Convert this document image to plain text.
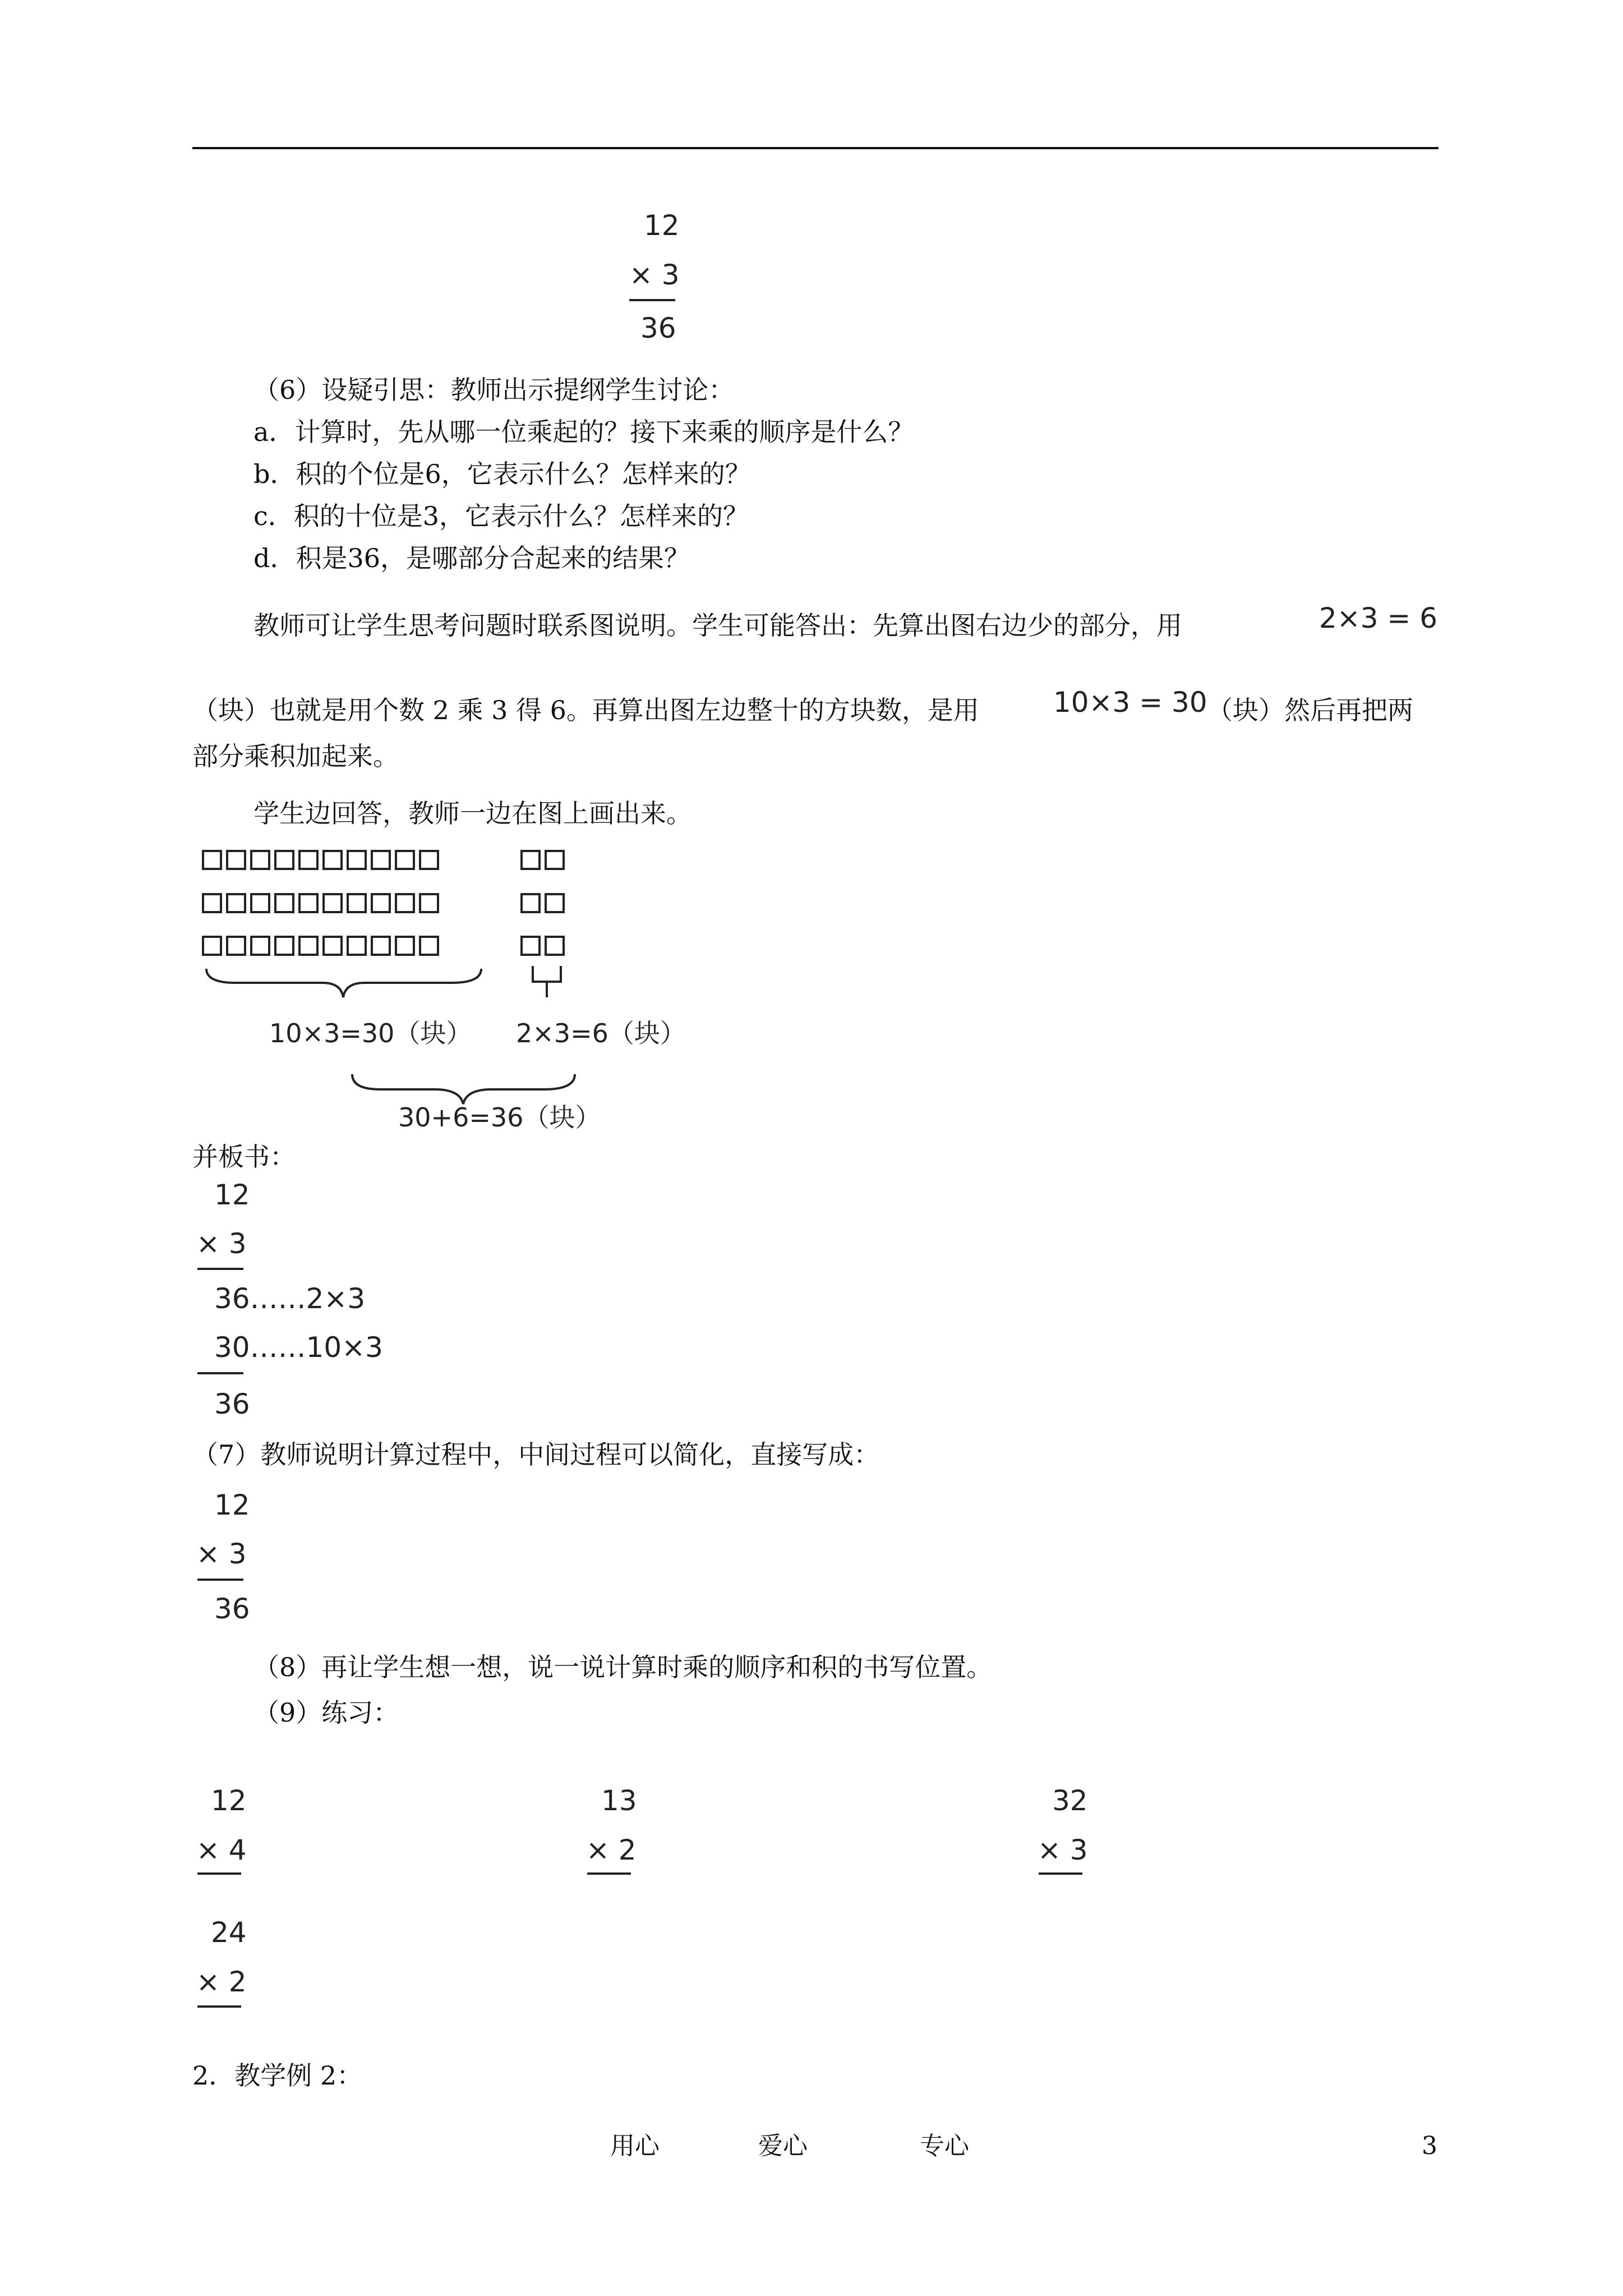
12
× 3
36
（6）设疑引思：教师出示提纲学生讨论：
a．计算时，先从哪一位乘起的？接下来乘的顺序是什么？
b．积的个位是6，它表示什么？怎样来的？
c．积的十位是3，它表示什么？怎样来的？
d．积是36，是哪部分合起来的结果？
教师可让学生思考问题时联系图说明。学生可能答出：先算出图右边少的部分，用	2×3 = 6
（块）也就是用个数 2 乘 3 得 6。再算出图左边整十的方块数，是用	10×3 = 30 （块）然后再把两
部分乘积加起来。
学生边回答，教师一边在图上画出来。
10×3=30（块） 2×3=6（块）
30+6=36（块）
并板书：
12
× 3
36……2×3
30……10×3
36
（7）教师说明计算过程中，中间过程可以简化，直接写成：
12
× 3
36
（8）再让学生想一想，说一说计算时乘的顺序和积的书写位置。
（9）练习：
12
× 4
13
× 2
32
× 3
24
× 2
2．教学例 2：
用心	爱心	专心	3
